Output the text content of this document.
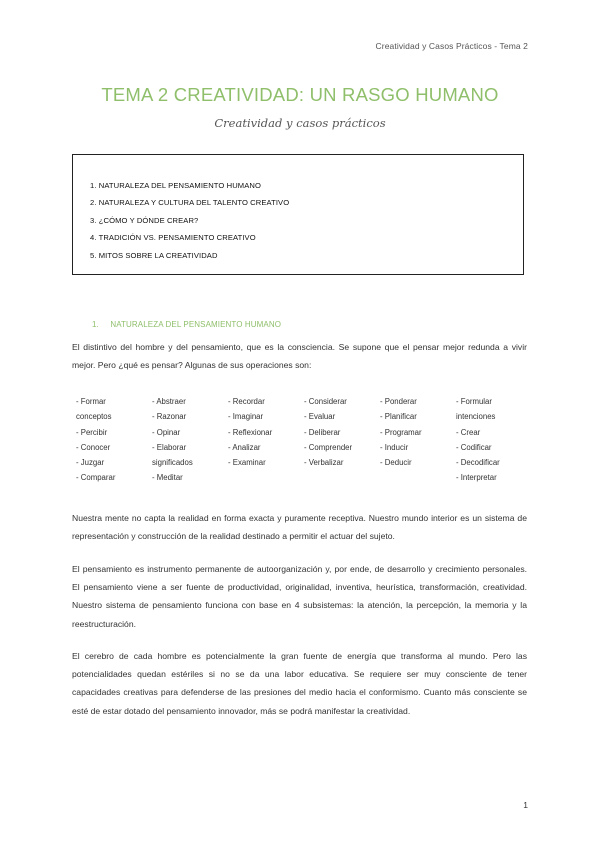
Creatividad y Casos Prácticos - Tema 2
TEMA 2 CREATIVIDAD: UN RASGO HUMANO
Creatividad y casos prácticos
1. NATURALEZA DEL PENSAMIENTO HUMANO
2. NATURALEZA Y CULTURA DEL TALENTO CREATIVO
3. ¿CÓMO Y DÓNDE CREAR?
4. TRADICIÓN VS. PENSAMIENTO CREATIVO
5. MITOS SOBRE LA CREATIVIDAD
1. NATURALEZA DEL PENSAMIENTO HUMANO

El distintivo del hombre y del pensamiento, que es la consciencia. Se supone que el pensar mejor redunda a vivir mejor. Pero ¿qué es pensar? Algunas de sus operaciones son:

- Formar
conceptos
- Percibir
- Conocer
- Juzgar
- Comparar
- Abstraer
- Razonar
- Opinar
- Elaborar
significados
- Meditar
- Recordar
- Imaginar
- Reflexionar
- Analizar
- Examinar
- Considerar
- Evaluar
- Deliberar
- Comprender
- Verbalizar
- Ponderar
- Planificar
- Programar
- Inducir
- Deducir
- Formular
intenciones
- Crear
- Codificar
- Decodificar
- Interpretar

Nuestra mente no capta la realidad en forma exacta y puramente receptiva. Nuestro mundo interior es un sistema de representación y construcción de la realidad destinado a permitir el actuar del sujeto.

El pensamiento es instrumento permanente de autoorganización y, por ende, de desarrollo y crecimiento personales. El pensamiento viene a ser fuente de productividad, originalidad, inventiva, heurística, transformación, creatividad. Nuestro sistema de pensamiento funciona con base en 4 subsistemas: la atención, la percepción, la memoria y la reestructuración.

El cerebro de cada hombre es potencialmente la gran fuente de energía que transforma al mundo. Pero las potencialidades quedan estériles si no se da una labor educativa. Se requiere ser muy consciente de tener capacidades creativas para defenderse de las presiones del medio hacia el conformismo. Cuanto más consciente se esté de estar dotado del pensamiento innovador, más se podrá manifestar la creatividad.

1
